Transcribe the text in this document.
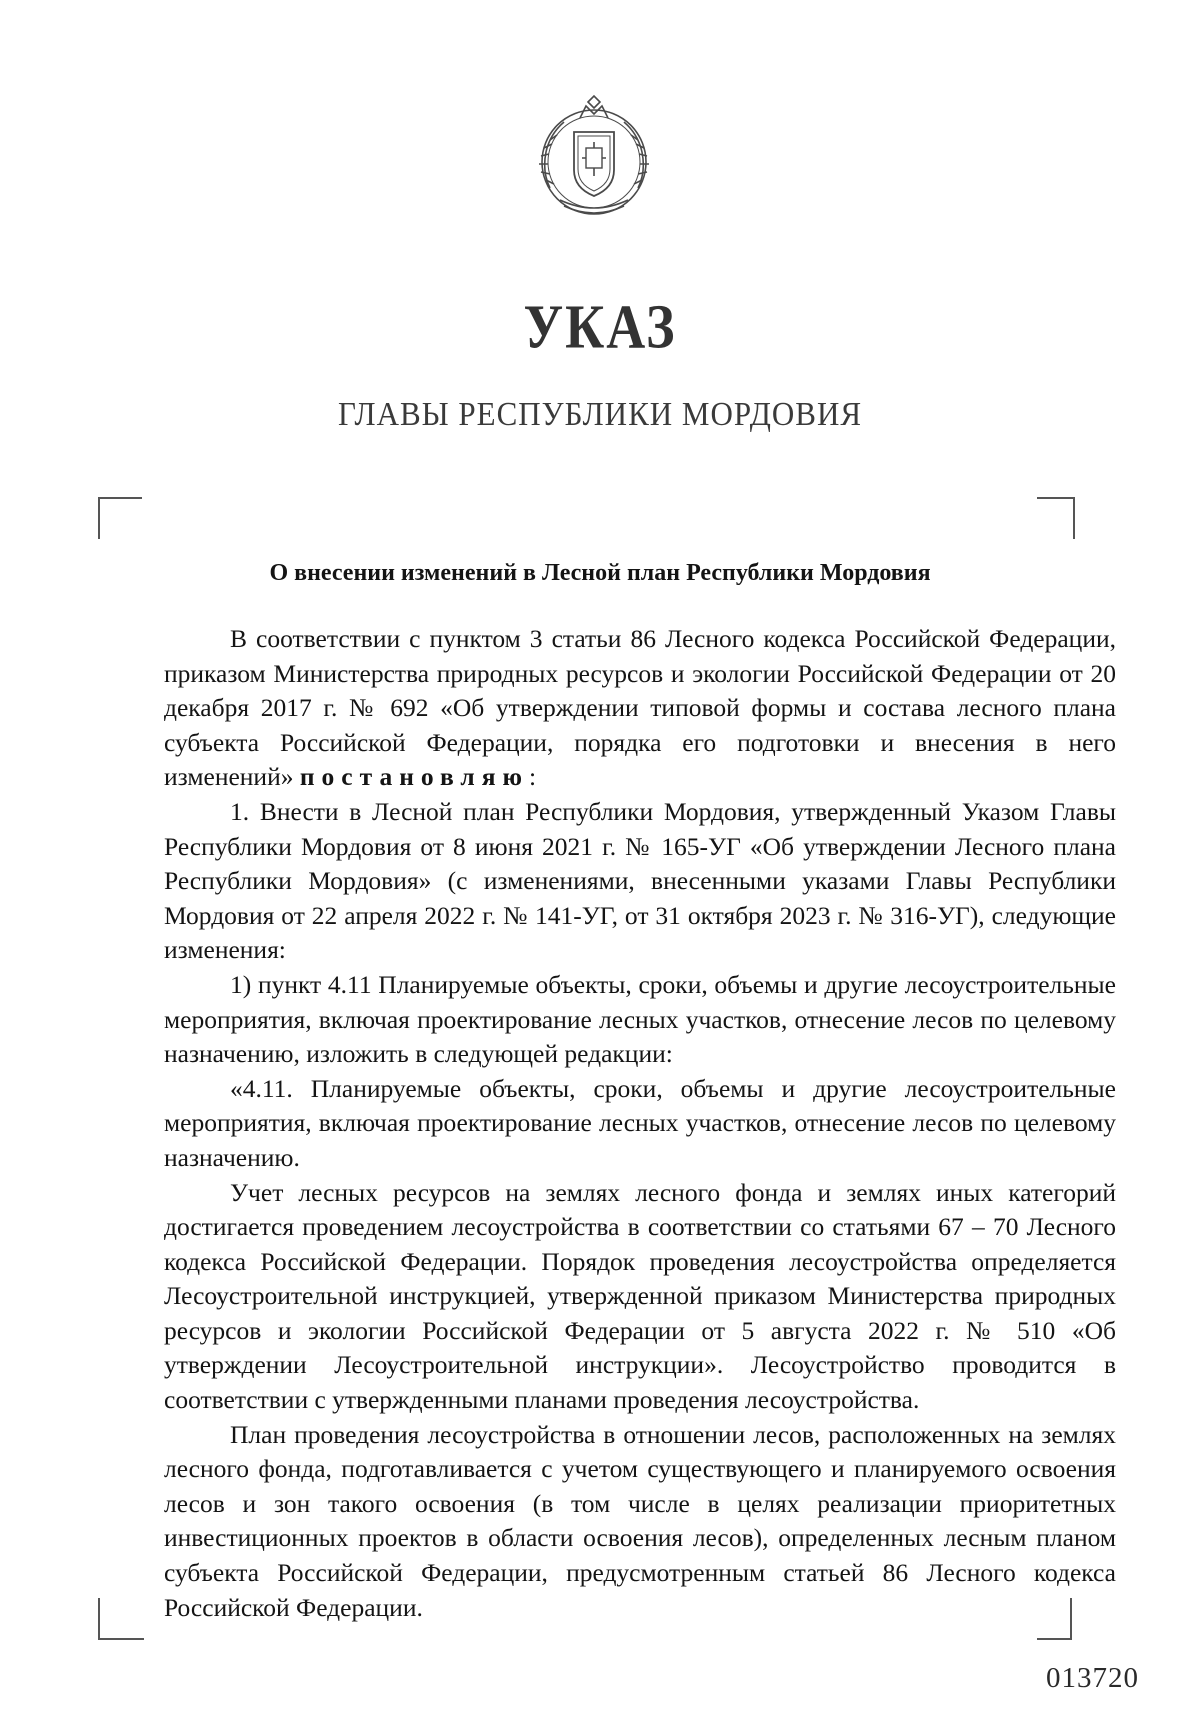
УКАЗ
ГЛАВЫ РЕСПУБЛИКИ МОРДОВИЯ
О внесении изменений в Лесной план Республики Мордовия

В соответствии с пунктом 3 статьи 86 Лесного кодекса Российской Федерации, приказом Министерства природных ресурсов и экологии Российской Федерации от 20 декабря 2017 г. № 692 «Об утверждении типовой формы и состава лесного плана субъекта Российской Федерации, порядка его подготовки и внесения в него изменений» постановляю:

1. Внести в Лесной план Республики Мордовия, утвержденный Указом Главы Республики Мордовия от 8 июня 2021 г. № 165-УГ «Об утверждении Лесного плана Республики Мордовия» (с изменениями, внесенными указами Главы Республики Мордовия от 22 апреля 2022 г. № 141-УГ, от 31 октября 2023 г. № 316-УГ), следующие изменения:

1) пункт 4.11 Планируемые объекты, сроки, объемы и другие лесоустроительные мероприятия, включая проектирование лесных участков, отнесение лесов по целевому назначению, изложить в следующей редакции:

«4.11. Планируемые объекты, сроки, объемы и другие лесоустроительные мероприятия, включая проектирование лесных участков, отнесение лесов по целевому назначению.

Учет лесных ресурсов на землях лесного фонда и землях иных категорий достигается проведением лесоустройства в соответствии со статьями 67 – 70 Лесного кодекса Российской Федерации. Порядок проведения лесоустройства определяется Лесоустроительной инструкцией, утвержденной приказом Министерства природных ресурсов и экологии Российской Федерации от 5 августа 2022 г. № 510 «Об утверждении Лесоустроительной инструкции». Лесоустройство проводится в соответствии с утвержденными планами проведения лесоустройства.

План проведения лесоустройства в отношении лесов, расположенных на землях лесного фонда, подготавливается с учетом существующего и планируемого освоения лесов и зон такого освоения (в том числе в целях реализации приоритетных инвестиционных проектов в области освоения лесов), определенных лесным планом субъекта Российской Федерации, предусмотренным статьей 86 Лесного кодекса Российской Федерации.

013720
